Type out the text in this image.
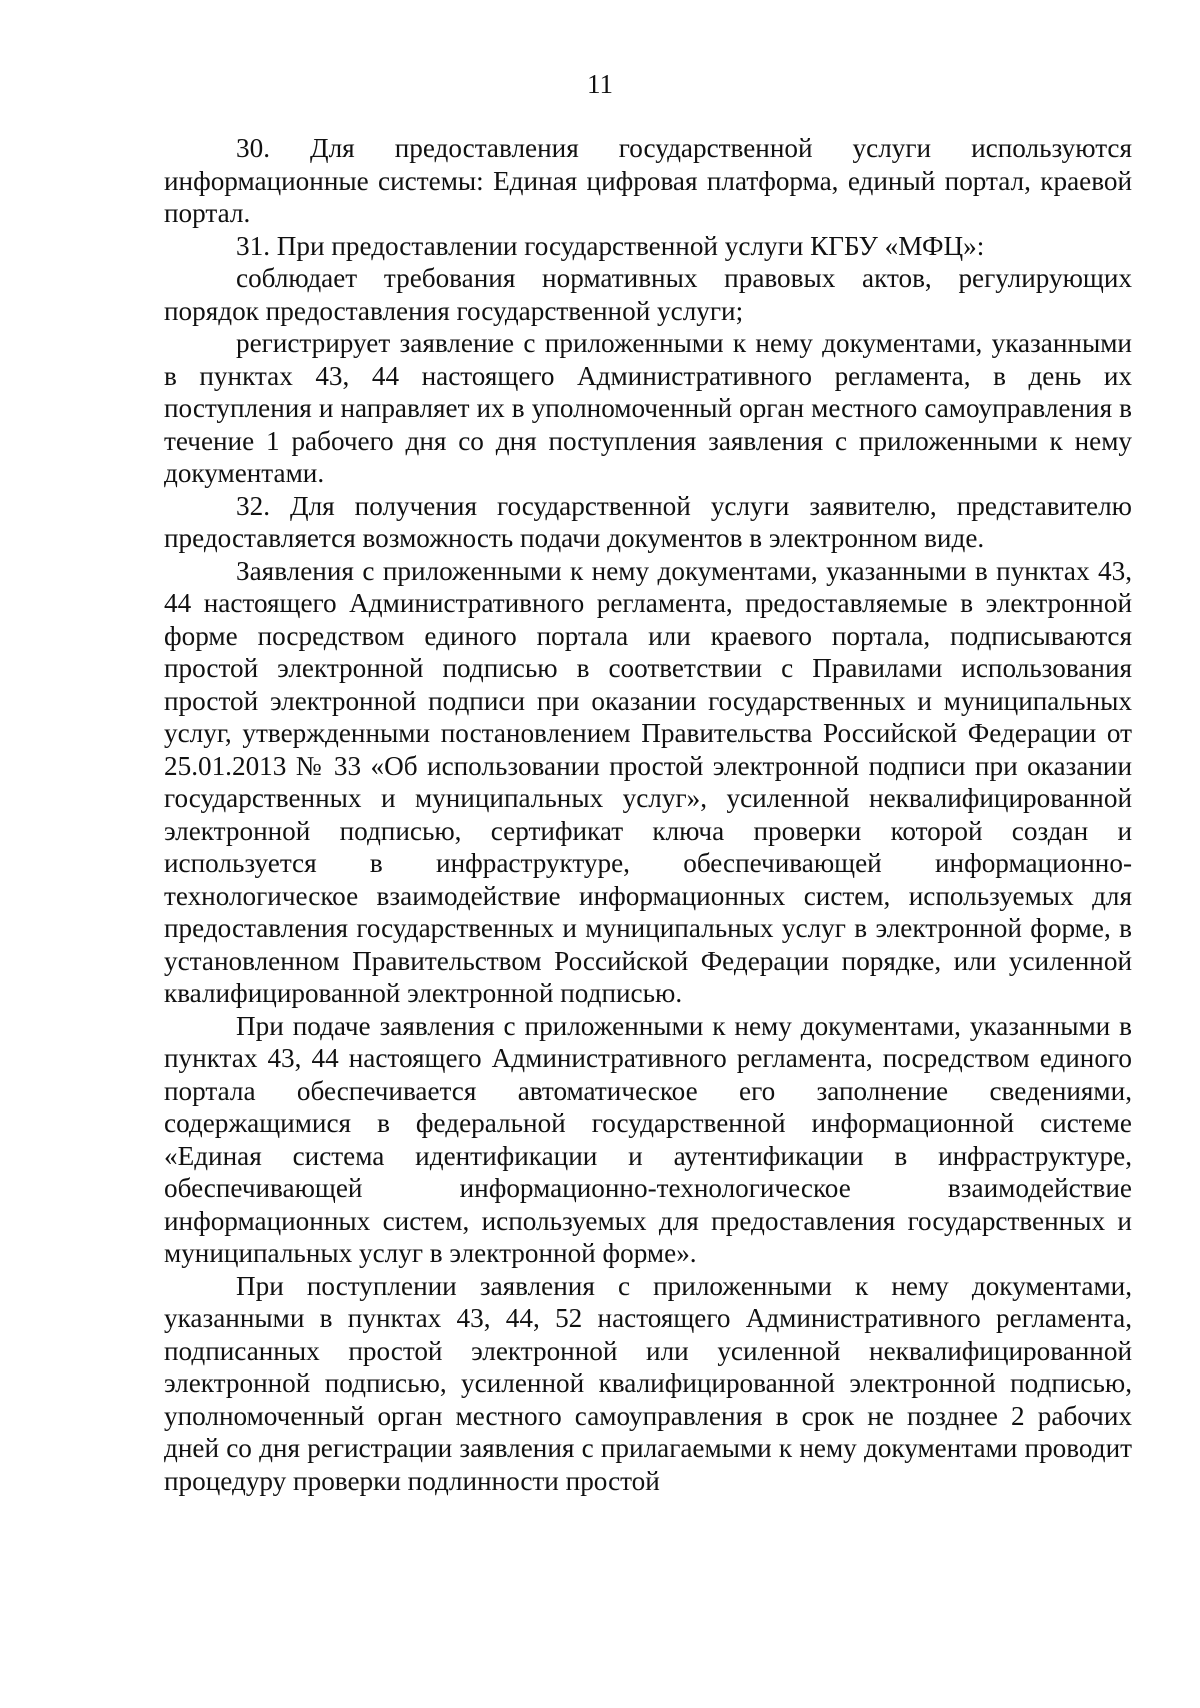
11

30. Для предоставления государственной услуги используются информационные системы: Единая цифровая платформа, единый портал, краевой портал.

31. При предоставлении государственной услуги КГБУ «МФЦ»:

соблюдает требования нормативных правовых актов, регулирующих порядок предоставления государственной услуги;

регистрирует заявление с приложенными к нему документами, указанными в пунктах 43, 44 настоящего Административного регламента, в день их поступления и направляет их в уполномоченный орган местного самоуправления в течение 1 рабочего дня со дня поступления заявления с приложенными к нему документами.

32. Для получения государственной услуги заявителю, представителю предоставляется возможность подачи документов в электронном виде.

Заявления с приложенными к нему документами, указанными в пунктах 43, 44 настоящего Административного регламента, предоставляемые в электронной форме посредством единого портала или краевого портала, подписываются простой электронной подписью в соответствии с Правилами использования простой электронной подписи при оказании государственных и муниципальных услуг, утвержденными постановлением Правительства Российской Федерации от 25.01.2013 № 33 «Об использовании простой электронной подписи при оказании государственных и муниципальных услуг», усиленной неквалифицированной электронной подписью, сертификат ключа проверки которой создан и используется в инфраструктуре, обеспечивающей информационно-технологическое взаимодействие информационных систем, используемых для предоставления государственных и муниципальных услуг в электронной форме, в установленном Правительством Российской Федерации порядке, или усиленной квалифицированной электронной подписью.

При подаче заявления с приложенными к нему документами, указанными в пунктах 43, 44 настоящего Административного регламента, посредством единого портала обеспечивается автоматическое его заполнение сведениями, содержащимися в федеральной государственной информационной системе «Единая система идентификации и аутентификации в инфраструктуре, обеспечивающей информационно-технологическое взаимодействие информационных систем, используемых для предоставления государственных и муниципальных услуг в электронной форме».

При поступлении заявления с приложенными к нему документами, указанными в пунктах 43, 44, 52 настоящего Административного регламента, подписанных простой электронной или усиленной неквалифицированной электронной подписью, усиленной квалифицированной электронной подписью, уполномоченный орган местного самоуправления в срок не позднее 2 рабочих дней со дня регистрации заявления с прилагаемыми к нему документами проводит процедуру проверки подлинности простой
